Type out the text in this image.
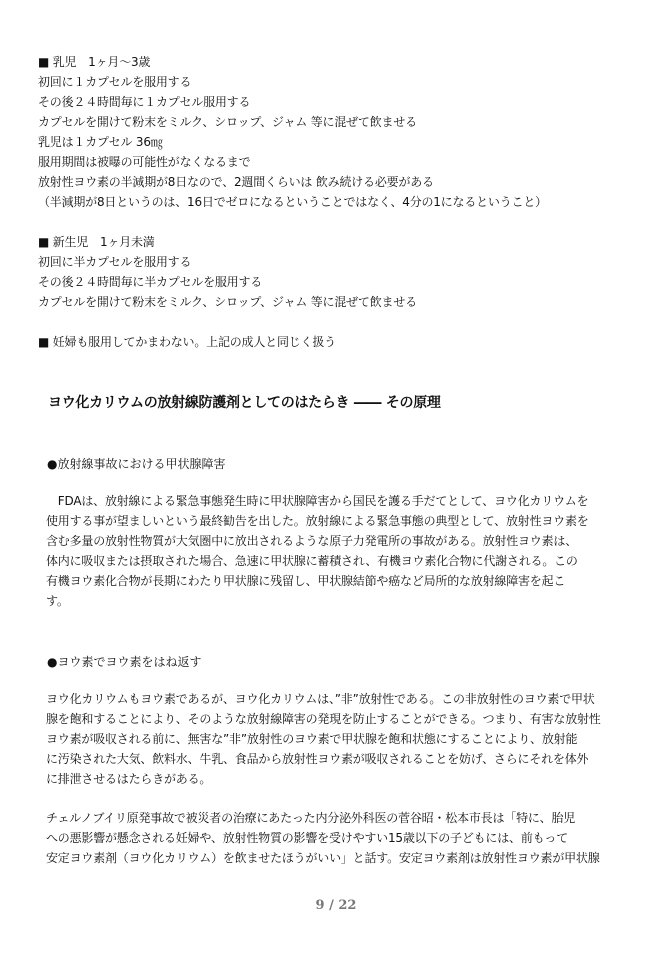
■ 乳児　1ヶ月～3歳
初回に１カプセルを服用する
その後２４時間毎に１カプセル服用する
カプセルを開けて粉末をミルク、シロップ、ジャム 等に混ぜて飲ませる
乳児は１カプセル 36㎎
服用期間は被曝の可能性がなくなるまで
放射性ヨウ素の半減期が8日なので、2週間くらいは 飲み続ける必要がある
（半減期が8日というのは、16日でゼロになるということではなく、4分の1になるということ）
■ 新生児　1ヶ月未満
初回に半カプセルを服用する
その後２４時間毎に半カプセルを服用する
カプセルを開けて粉末をミルク、シロップ、ジャム 等に混ぜて飲ませる
■ 妊婦も服用してかまわない。上記の成人と同じく扱う
ヨウ化カリウムの放射線防護剤としてのはたらき ―― その原理
●放射線事故における甲状腺障害
　FDAは、放射線による緊急事態発生時に甲状腺障害から国民を護る手だてとして、ヨウ化カリウムを
使用する事が望ましいという最終勧告を出した。放射線による緊急事態の典型として、放射性ヨウ素を
含む多量の放射性物質が大気圏中に放出されるような原子力発電所の事故がある。放射性ヨウ素は、
体内に吸収または摂取された場合、急速に甲状腺に蓄積され、有機ヨウ素化合物に代謝される。この
有機ヨウ素化合物が長期にわたり甲状腺に残留し、甲状腺結節や癌など局所的な放射線障害を起こ
す。
●ヨウ素でヨウ素をはね返す
ヨウ化カリウムもヨウ素であるが、ヨウ化カリウムは、”非”放射性である。この非放射性のヨウ素で甲状
腺を飽和することにより、そのような放射線障害の発現を防止することができる。つまり、有害な放射性
ヨウ素が吸収される前に、無害な”非”放射性のヨウ素で甲状腺を飽和状態にすることにより、放射能
に汚染された大気、飲料水、牛乳、食品から放射性ヨウ素が吸収されることを妨げ、さらにそれを体外
に排泄させるはたらきがある。
チェルノブイリ原発事故で被災者の治療にあたった内分泌外科医の菅谷昭・松本市長は「特に、胎児
への悪影響が懸念される妊婦や、放射性物質の影響を受けやすい15歳以下の子どもには、前もって
安定ヨウ素剤（ヨウ化カリウム）を飲ませたほうがいい」と話す。安定ヨウ素剤は放射性ヨウ素が甲状腺
9 / 22
